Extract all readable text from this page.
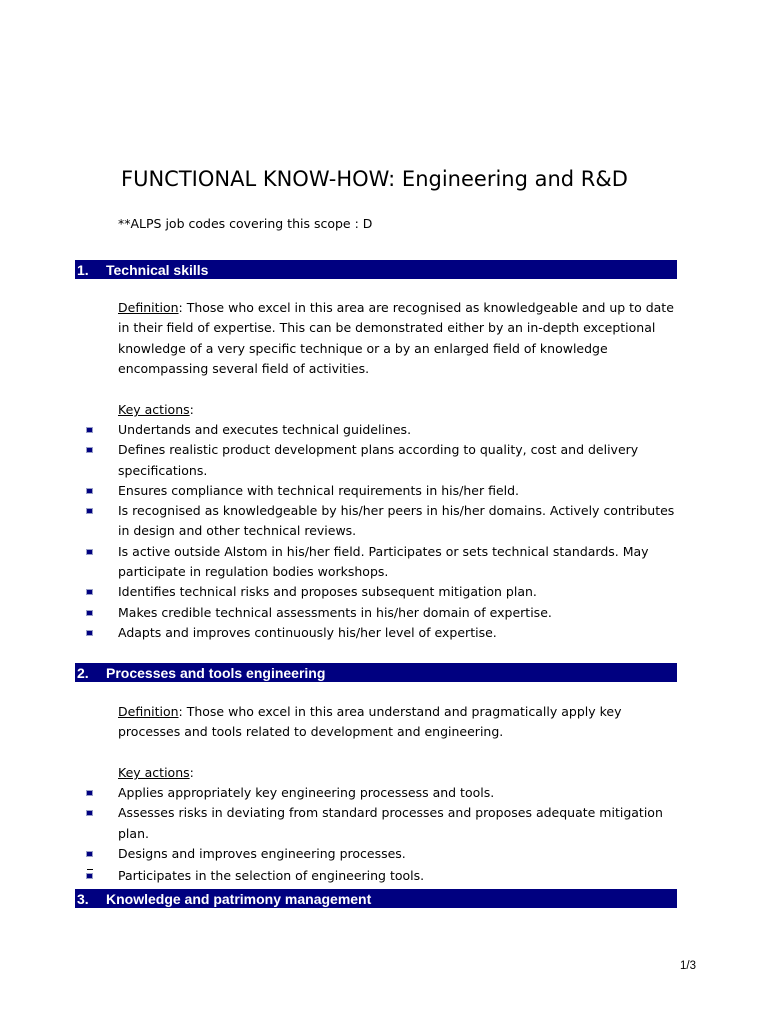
FUNCTIONAL KNOW-HOW: Engineering and R&D
**ALPS job codes covering this scope : D
1.	Technical skills
Definition: Those who excel in this area are recognised as knowledgeable and up to date in their field of expertise. This can be demonstrated either by an in-depth exceptional knowledge of a very specific technique or a by an enlarged field of knowledge encompassing several field of activities.
Key actions:
Undertands and executes technical guidelines.
Defines realistic product development plans according to quality, cost and delivery specifications.
Ensures compliance with technical requirements in his/her field.
Is recognised as knowledgeable by his/her peers in his/her domains. Actively contributes in design and other technical reviews.
Is active outside Alstom in his/her field. Participates or sets technical standards. May participate in regulation bodies workshops.
Identifies technical risks and proposes subsequent mitigation plan.
Makes credible technical assessments in his/her domain of expertise.
Adapts and improves continuously his/her level of expertise.
2.	Processes and tools engineering
Definition: Those who excel in this area understand and pragmatically apply key processes and tools related to development and engineering.
Key actions:
Applies appropriately key engineering processess and tools.
Assesses risks in deviating from standard processes and proposes adequate mitigation plan.
Designs and improves engineering processes.
Participates in the selection of engineering tools.
3.	Knowledge and patrimony management
1/3
